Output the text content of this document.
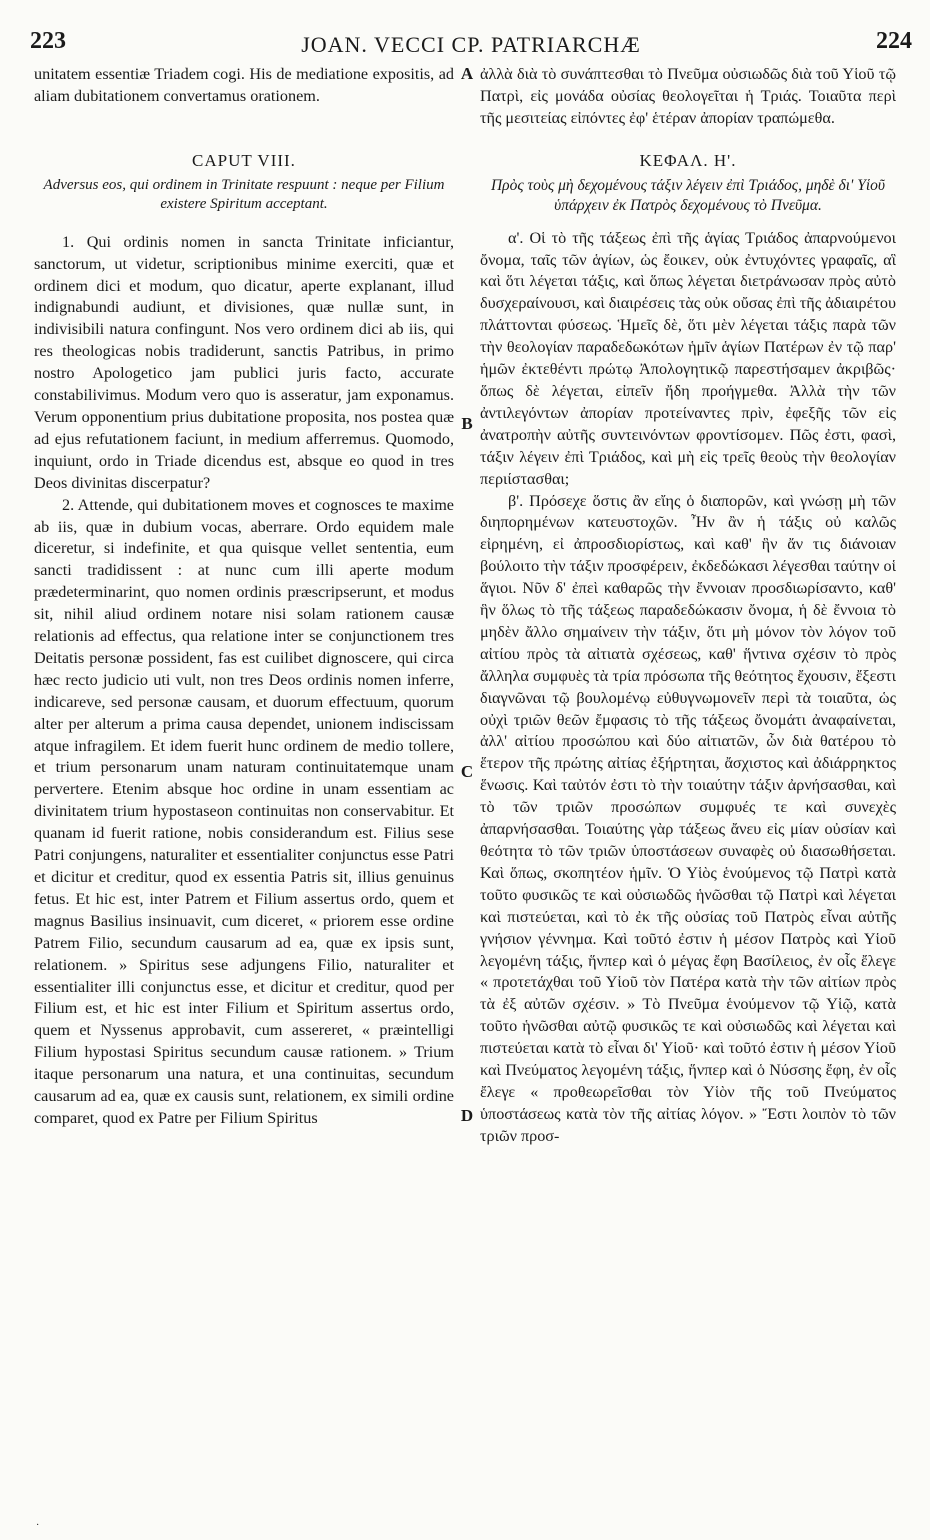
223	JOAN. VECCI CP. PATRIARCHÆ	224

unitatem essentiæ Triadem cogi. His de mediatione expositis, ad aliam dubitationem convertamus orationem.

CAPUT VIII.
Adversus eos, qui ordinem in Trinitate respuunt : neque per Filium existere Spiritum acceptant.

1. Qui ordinis nomen in sancta Trinitate inficiantur, sanctorum, ut videtur, scriptionibus minime exerciti, quæ et ordinem dici et modum, quo dicatur, aperte explanant, illud indignabundi audiunt, et divisiones, quæ nullæ sunt, in indivisibili natura confingunt. Nos vero ordinem dici ab iis, qui res theologicas nobis tradiderunt, sanctis Patribus, in primo nostro Apologetico jam publici juris facto, accurate constabilivimus. Modum vero quo is asseratur, jam exponamus. Verum opponentium prius dubitatione proposita, nos postea quæ ad ejus refutationem faciunt, in medium afferremus. Quomodo, inquiunt, ordo in Triade dicendus est, absque eo quod in tres Deos divinitas discerpatur?

2. Attende, qui dubitationem moves et cognosces te maxime ab iis, quæ in dubium vocas, aberrare. Ordo equidem male diceretur, si indefinite, et qua quisque vellet sententia, eum sancti tradidissent : at nunc cum illi aperte modum prædeterminarint, quo nomen ordinis præscripserunt, et modus sit, nihil aliud ordinem notare nisi solam rationem causæ relationis ad effectus, qua relatione inter se conjunctionem tres Deitatis personæ possident, fas est cuilibet dignoscere, qui circa hæc recto judicio uti vult, non tres Deos ordinis nomen inferre, indicareve, sed personæ causam, et duorum effectuum, quorum alter per alterum a prima causa dependet, unionem indiscissam atque infragilem. Et idem fuerit hunc ordinem de medio tollere, et trium personarum unam naturam continuitatemque unam pervertere. Etenim absque hoc ordine in unam essentiam ac divinitatem trium hypostaseon continuitas non conservabitur. Et quanam id fuerit ratione, nobis considerandum est. Filius sese Patri conjungens, naturaliter et essentialiter conjunctus esse Patri et dicitur et creditur, quod ex essentia Patris sit, illius genuinus fetus. Et hic est, inter Patrem et Filium assertus ordo, quem et magnus Basilius insinuavit, cum diceret, « priorem esse ordine Patrem Filio, secundum causarum ad ea, quæ ex ipsis sunt, relationem. » Spiritus sese adjungens Filio, naturaliter et essentialiter illi conjunctus esse, et dicitur et creditur, quod per Filium est, et hic est inter Filium et Spiritum assertus ordo, quem et Nyssenus approbavit, cum assereret, « præintelligi Filium hypostasi Spiritus secundum causæ rationem. » Trium itaque personarum una natura, et una continuitas, secundum causarum ad ea, quæ ex causis sunt, relationem, ex simili ordine comparet, quod ex Patre per Filium Spiritus

A
B
C
D

ἀλλὰ διὰ τὸ συνάπτεσθαι τὸ Πνεῦμα οὐσιωδῶς διὰ τοῦ Υἱοῦ τῷ Πατρὶ, εἰς μονάδα οὐσίας θεολογεῖται ἡ Τριάς. Τοιαῦτα περὶ τῆς μεσιτείας εἰπόντες ἐφ' ἑτέραν ἀπορίαν τραπώμεθα.

ΚΕΦΑΛ. Η'.
Πρὸς τοὺς μὴ δεχομένους τάξιν λέγειν ἐπὶ Τριάδος, μηδὲ δι' Υἱοῦ ὑπάρχειν ἐκ Πατρὸς δεχομένους τὸ Πνεῦμα.

α'. Οἱ τὸ τῆς τάξεως ἐπὶ τῆς ἁγίας Τριάδος ἀπαρνούμενοι ὄνομα, ταῖς τῶν ἁγίων, ὡς ἔοικεν, οὐκ ἐντυχόντες γραφαῖς, αἳ καὶ ὅτι λέγεται τάξις, καὶ ὅπως λέγεται διετράνωσαν πρὸς αὐτὸ δυσχεραίνουσι, καὶ διαιρέσεις τὰς οὐκ οὔσας ἐπὶ τῆς ἀδιαιρέτου πλάττονται φύσεως. Ἡμεῖς δὲ, ὅτι μὲν λέγεται τάξις παρὰ τῶν τὴν θεολογίαν παραδεδωκότων ἡμῖν ἁγίων Πατέρων ἐν τῷ παρ' ἡμῶν ἐκτεθέντι πρώτῳ Ἀπολογητικῷ παρεστήσαμεν ἀκριβῶς· ὅπως δὲ λέγεται, εἰπεῖν ἤδη προήγμεθα. Ἀλλὰ τὴν τῶν ἀντιλεγόντων ἀπορίαν προτείναντες πρὶν, ἐφεξῆς τῶν εἰς ἀνατροπὴν αὐτῆς συντεινόντων φροντίσομεν. Πῶς ἐστι, φασὶ, τάξιν λέγειν ἐπὶ Τριάδος, καὶ μὴ εἰς τρεῖς θεοὺς τὴν θεολογίαν περιίστασθαι;

β'. Πρόσεχε ὅστις ἂν εἴης ὁ διαπορῶν, καὶ γνώσῃ μὴ τῶν διηπορημένων κατευστοχῶν. Ἦν ἂν ἡ τάξις οὐ καλῶς εἰρημένη, εἰ ἀπροσδιορίστως, καὶ καθ' ἣν ἄν τις διάνοιαν βούλοιτο τὴν τάξιν προσφέρειν, ἐκδεδώκασι λέγεσθαι ταύτην οἱ ἅγιοι. Νῦν δ' ἐπεὶ καθαρῶς τὴν ἔννοιαν προσδιωρίσαντο, καθ' ἣν ὅλως τὸ τῆς τάξεως παραδεδώκασιν ὄνομα, ἡ δὲ ἔννοια τὸ μηδὲν ἄλλο σημαίνειν τὴν τάξιν, ὅτι μὴ μόνον τὸν λόγον τοῦ αἰτίου πρὸς τὰ αἰτιατὰ σχέσεως, καθ' ἥντινα σχέσιν τὸ πρὸς ἄλληλα συμφυὲς τὰ τρία πρόσωπα τῆς θεότητος ἔχουσιν, ἔξεστι διαγνῶναι τῷ βουλομένῳ εὐθυγνωμονεῖν περὶ τὰ τοιαῦτα, ὡς οὐχὶ τριῶν θεῶν ἔμφασις τὸ τῆς τάξεως ὄνομάτι ἀναφαίνεται, ἀλλ' αἰτίου προσώπου καὶ δύο αἰτιατῶν, ὧν διὰ θατέρου τὸ ἕτερον τῆς πρώτης αἰτίας ἐξήρτηται, ἄσχιστος καὶ ἀδιάρρηκτος ἕνωσις. Καὶ ταὐτόν ἐστι τὸ τὴν τοιαύτην τάξιν ἀρνήσασθαι, καὶ τὸ τῶν τριῶν προσώπων συμφυές τε καὶ συνεχὲς ἀπαρνήσασθαι. Τοιαύτης γὰρ τάξεως ἄνευ εἰς μίαν οὐσίαν καὶ θεότητα τὸ τῶν τριῶν ὑποστάσεων συναφὲς οὐ διασωθήσεται. Καὶ ὅπως, σκοπητέον ἡμῖν. Ὁ Υἱὸς ἑνούμενος τῷ Πατρὶ κατὰ τοῦτο φυσικῶς τε καὶ οὐσιωδῶς ἡνῶσθαι τῷ Πατρὶ καὶ λέγεται καὶ πιστεύεται, καὶ τὸ ἐκ τῆς οὐσίας τοῦ Πατρὸς εἶναι αὐτῆς γνήσιον γέννημα. Καὶ τοῦτό ἐστιν ἡ μέσον Πατρὸς καὶ Υἱοῦ λεγομένη τάξις, ἥνπερ καὶ ὁ μέγας ἔφη Βασίλειος, ἐν οἷς ἔλεγε « προτετάχθαι τοῦ Υἱοῦ τὸν Πατέρα κατὰ τὴν τῶν αἰτίων πρὸς τὰ ἐξ αὐτῶν σχέσιν. » Τὸ Πνεῦμα ἑνούμενον τῷ Υἱῷ, κατὰ τοῦτο ἡνῶσθαι αὐτῷ φυσικῶς τε καὶ οὐσιωδῶς καὶ λέγεται καὶ πιστεύεται κατὰ τὸ εἶναι δι' Υἱοῦ· καὶ τοῦτό ἐστιν ἡ μέσον Υἱοῦ καὶ Πνεύματος λεγομένη τάξις, ἥνπερ καὶ ὁ Νύσσης ἔφη, ἐν οἷς ἔλεγε « προθεωρεῖσθαι τὸν Υἱὸν τῆς τοῦ Πνεύματος ὑποστάσεως κατὰ τὸν τῆς αἰτίας λόγον. » Ἔστι λοιπὸν τὸ τῶν τριῶν προσ-

·
